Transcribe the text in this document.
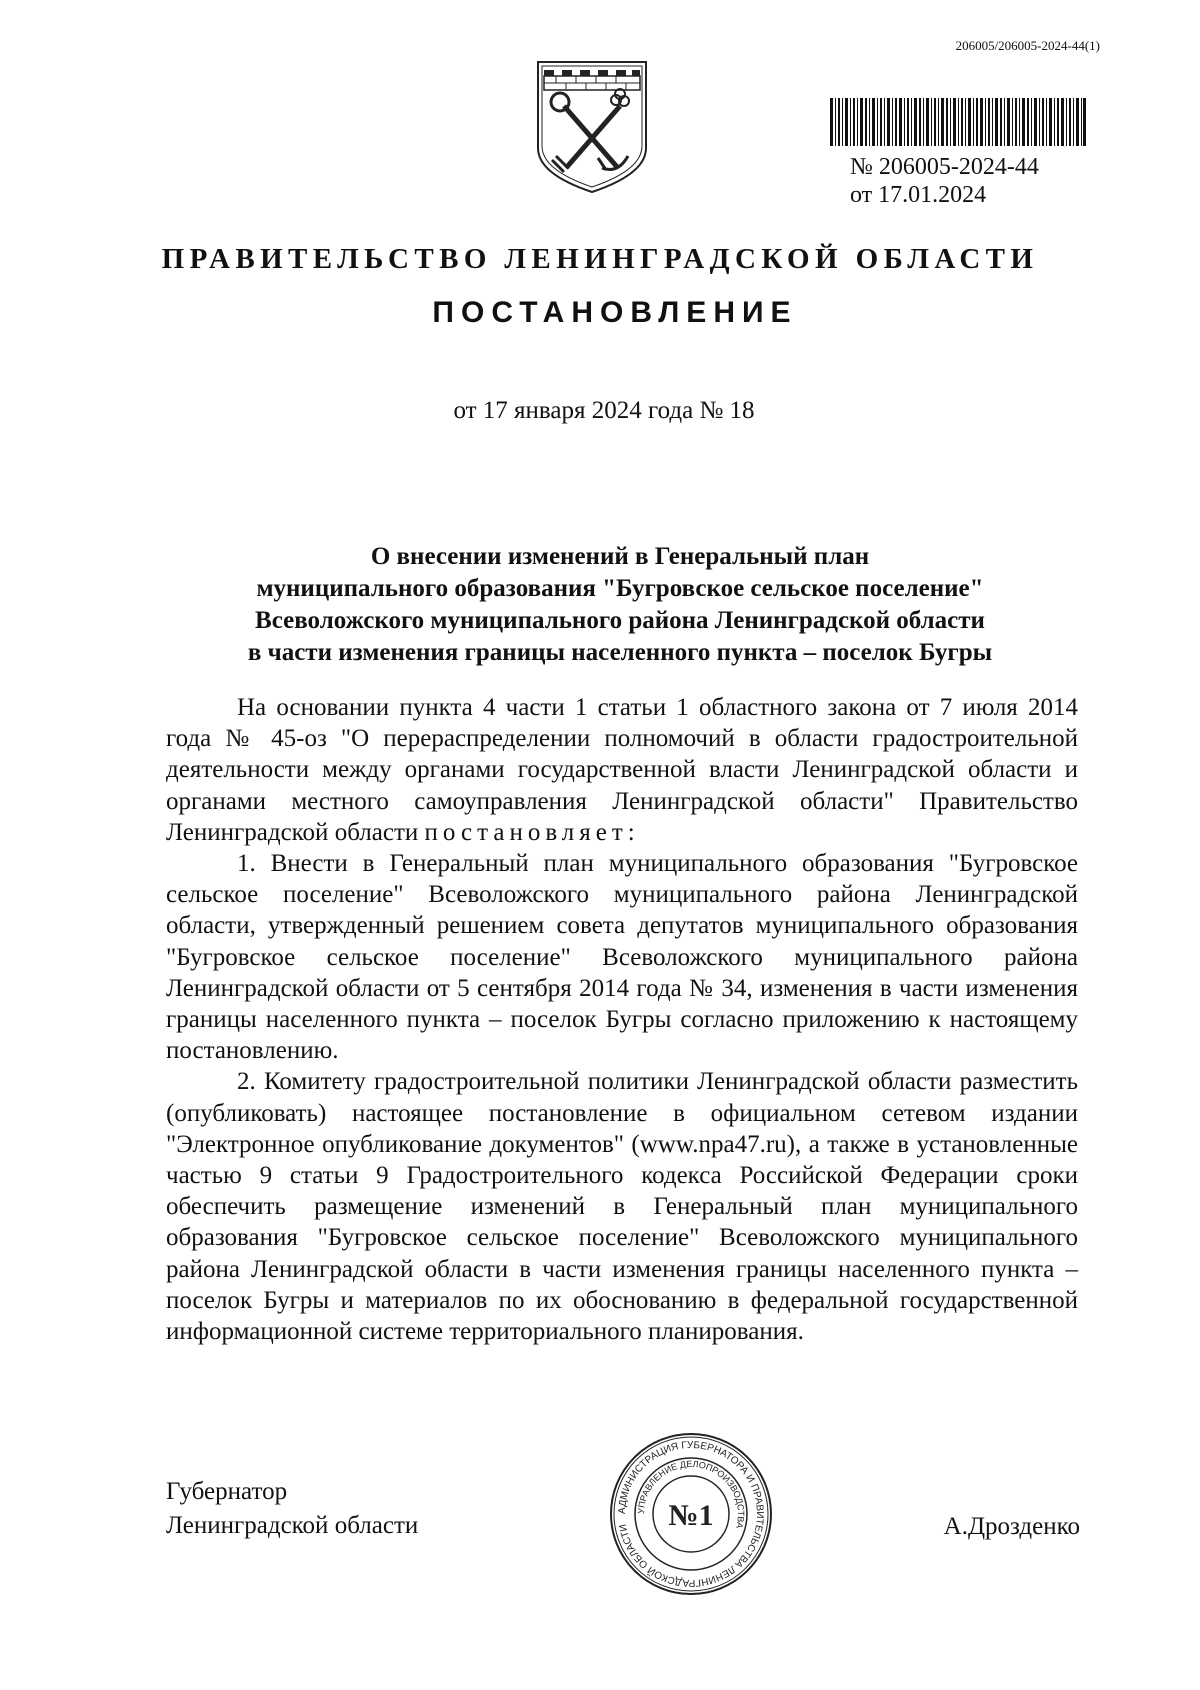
206005/206005-2024-44(1)
№ 206005-2024-44
от 17.01.2024
ПРАВИТЕЛЬСТВО ЛЕНИНГРАДСКОЙ ОБЛАСТИ
ПОСТАНОВЛЕНИЕ
от 17 января 2024 года № 18
О внесении изменений в Генеральный план
муниципального образования "Бугровское сельское поселение"
Всеволожского муниципального района Ленинградской области
в части изменения границы населенного пункта – поселок Бугры

На основании пункта 4 части 1 статьи 1 областного закона от 7 июля 2014 года № 45-оз "О перераспределении полномочий в области градостроительной деятельности между органами государственной власти Ленинградской области и органами местного самоуправления Ленинградской области" Правительство Ленинградской области постановляет:

1. Внести в Генеральный план муниципального образования "Бугровское сельское поселение" Всеволожского муниципального района Ленинградской области, утвержденный решением совета депутатов муниципального образования "Бугровское сельское поселение" Всеволожского муниципального района Ленинградской области от 5 сентября 2014 года № 34, изменения в части изменения границы населенного пункта – поселок Бугры согласно приложению к настоящему постановлению.

2. Комитету градостроительной политики Ленинградской области разместить (опубликовать) настоящее постановление в официальном сетевом издании "Электронное опубликование документов" (www.npa47.ru), а также в установленные частью 9 статьи 9 Градостроительного кодекса Российской Федерации сроки обеспечить размещение изменений в Генеральный план муниципального образования "Бугровское сельское поселение" Всеволожского муниципального района Ленинградской области в части изменения границы населенного пункта – поселок Бугры и материалов по их обоснованию в федеральной государственной информационной системе территориального планирования.

Губернатор
Ленинградской области
АДМИНИСТРАЦИЯ ГУБЕРНАТОРА И ПРАВИТЕЛЬСТВА ЛЕНИНГРАДСКОЙ ОБЛАСТИ
УПРАВЛЕНИЕ ДЕЛОПРОИЗВОДСТВА
№1	А.Дрозденко
